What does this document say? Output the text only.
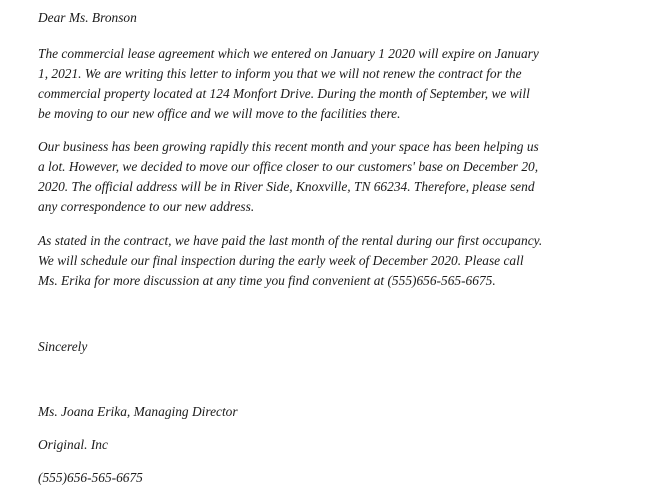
Dear Ms. Bronson
The commercial lease agreement which we entered on January 1 2020 will expire on January
1, 2021. We are writing this letter to inform you that we will not renew the contract for the
commercial property located at 124 Monfort Drive. During the month of September, we will
be moving to our new office and we will move to the facilities there.
Our business has been growing rapidly this recent month and your space has been helping us
a lot. However, we decided to move our office closer to our customers' base on December 20,
2020. The official address will be in River Side, Knoxville, TN 66234. Therefore, please send
any correspondence to our new address.
As stated in the contract, we have paid the last month of the rental during our first occupancy.
We will schedule our final inspection during the early week of December 2020. Please call
Ms. Erika for more discussion at any time you find convenient at (555)656-565-6675.
Sincerely
Ms. Joana Erika, Managing Director
Original. Inc
(555)656-565-6675
